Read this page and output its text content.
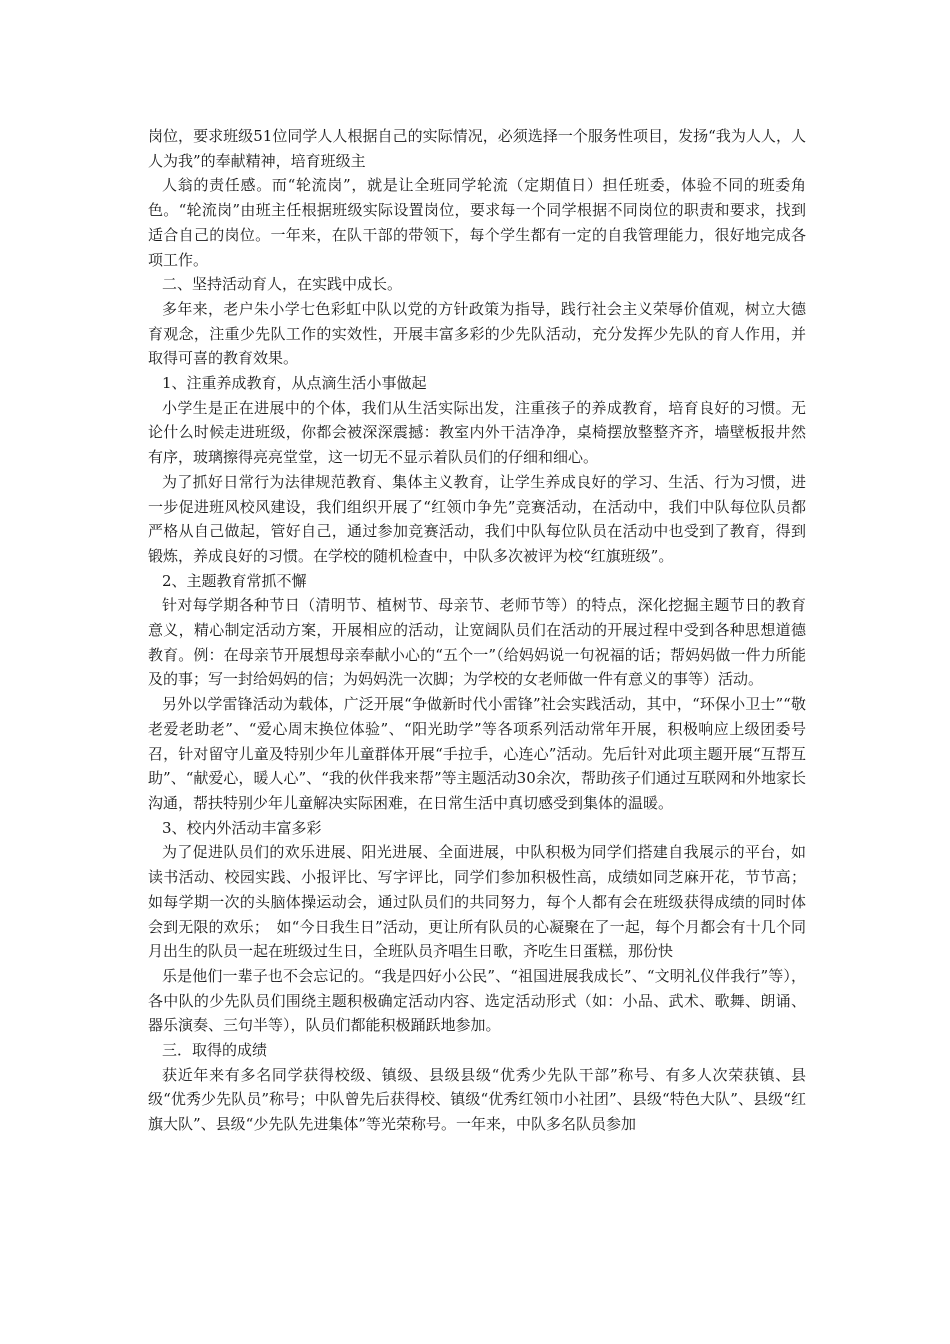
岗位，要求班级51位同学人人根据自己的实际情况，必须选择一个服务性项目，发扬“我为人人，人人为我”的奉献精神，培育班级主

人翁的责任感。而“轮流岗”，就是让全班同学轮流（定期值日）担任班委，体验不同的班委角色。“轮流岗”由班主任根据班级实际设置岗位，要求每一个同学根据不同岗位的职责和要求，找到适合自己的岗位。一年来，在队干部的带领下，每个学生都有一定的自我管理能力，很好地完成各项工作。

二、坚持活动育人，在实践中成长。

多年来，老户朱小学七色彩虹中队以党的方针政策为指导，践行社会主义荣辱价值观，树立大德育观念，注重少先队工作的实效性，开展丰富多彩的少先队活动，充分发挥少先队的育人作用，并取得可喜的教育效果。

1、注重养成教育，从点滴生活小事做起

小学生是正在进展中的个体，我们从生活实际出发，注重孩子的养成教育，培育良好的习惯。无论什么时候走进班级，你都会被深深震撼：教室内外干洁净净，桌椅摆放整整齐齐，墙壁板报井然有序，玻璃擦得亮亮堂堂，这一切无不显示着队员们的仔细和细心。

为了抓好日常行为法律规范教育、集体主义教育，让学生养成良好的学习、生活、行为习惯，进一步促进班风校风建设，我们组织开展了“红领巾争先”竞赛活动，在活动中，我们中队每位队员都严格从自己做起，管好自己，通过参加竞赛活动，我们中队每位队员在活动中也受到了教育，得到锻炼，养成良好的习惯。在学校的随机检查中，中队多次被评为校“红旗班级”。

2、主题教育常抓不懈

针对每学期各种节日（清明节、植树节、母亲节、老师节等）的特点，深化挖掘主题节日的教育意义，精心制定活动方案，开展相应的活动，让宽阔队员们在活动的开展过程中受到各种思想道德教育。例：在母亲节开展想母亲奉献小心的“五个一”（给妈妈说一句祝福的话；帮妈妈做一件力所能及的事；写一封给妈妈的信；为妈妈洗一次脚；为学校的女老师做一件有意义的事等）活动。

另外以学雷锋活动为载体，广泛开展“争做新时代小雷锋”社会实践活动，其中，“环保小卫士”“敬老爱老助老”、“爱心周末换位体验”、“阳光助学”等各项系列活动常年开展，积极响应上级团委号召，针对留守儿童及特别少年儿童群体开展“手拉手，心连心”活动。先后针对此项主题开展“互帮互助”、“献爱心，暖人心”、“我的伙伴我来帮”等主题活动30余次，帮助孩子们通过互联网和外地家长沟通，帮扶特别少年儿童解决实际困难，在日常生活中真切感受到集体的温暖。

3、校内外活动丰富多彩

为了促进队员们的欢乐进展、阳光进展、全面进展，中队积极为同学们搭建自我展示的平台，如读书活动、校园实践、小报评比、写字评比，同学们参加积极性高，成绩如同芝麻开花，节节高；如每学期一次的头脑体操运动会，通过队员们的共同努力，每个人都有会在班级获得成绩的同时体会到无限的欢乐；　如“今日我生日”活动，更让所有队员的心凝聚在了一起，每个月都会有十几个同月出生的队员一起在班级过生日，全班队员齐唱生日歌，齐吃生日蛋糕，那份快

乐是他们一辈子也不会忘记的。“我是四好小公民”、“祖国进展我成长”、“文明礼仪伴我行”等），各中队的少先队员们围绕主题积极确定活动内容、选定活动形式（如：小品、武术、歌舞、朗诵、器乐演奏、三句半等），队员们都能积极踊跃地参加。

三．取得的成绩

获近年来有多名同学获得校级、镇级、县级县级“优秀少先队干部”称号、有多人次荣获镇、县级“优秀少先队员”称号；中队曾先后获得校、镇级“优秀红领巾小社团”、县级“特色大队”、县级“红旗大队”、县级“少先队先进集体”等光荣称号。一年来，中队多名队员参加
